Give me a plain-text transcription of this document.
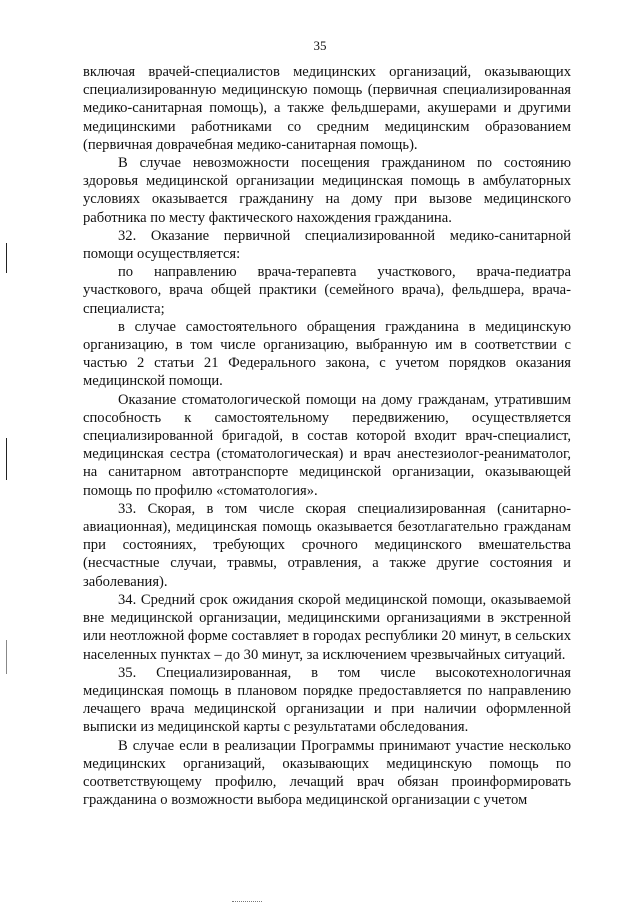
35

включая врачей-специалистов медицинских организаций, оказывающих специализированную медицинскую помощь (первичная специализированная медико-санитарная помощь), а также фельдшерами, акушерами и другими медицинскими работниками со средним медицинским образованием (первичная доврачебная медико-санитарная помощь).

В случае невозможности посещения гражданином по состоянию здоровья медицинской организации медицинская помощь в амбулаторных условиях оказывается гражданину на дому при вызове медицинского работника по месту фактического нахождения гражданина.

32. Оказание первичной специализированной медико-санитарной помощи осуществляется:

по направлению врача-терапевта участкового, врача-педиатра участкового, врача общей практики (семейного врача), фельдшера, врача-специалиста;

в случае самостоятельного обращения гражданина в медицинскую организацию, в том числе организацию, выбранную им в соответствии с частью 2 статьи 21 Федерального закона, с учетом порядков оказания медицинской помощи.

Оказание стоматологической помощи на дому гражданам, утратившим способность к самостоятельному передвижению, осуществляется специализированной бригадой, в состав которой входит врач-специалист, медицинская сестра (стоматологическая) и врач анестезиолог-реаниматолог, на санитарном автотранспорте медицинской организации, оказывающей помощь по профилю «стоматология».

33. Скорая, в том числе скорая специализированная (санитарно-авиационная), медицинская помощь оказывается безотлагательно гражданам при состояниях, требующих срочного медицинского вмешательства (несчастные случаи, травмы, отравления, а также другие состояния и заболевания).

34. Средний срок ожидания скорой медицинской помощи, оказываемой вне медицинской организации, медицинскими организациями в экстренной или неотложной форме составляет в городах республики 20 минут, в сельских населенных пунктах – до 30 минут, за исключением чрезвычайных ситуаций.

35. Специализированная, в том числе высокотехнологичная медицинская помощь в плановом порядке предоставляется по направлению лечащего врача медицинской организации и при наличии оформленной выписки из медицинской карты с результатами обследования.

В случае если в реализации Программы принимают участие несколько медицинских организаций, оказывающих медицинскую помощь по соответствующему профилю, лечащий врач обязан проинформировать гражданина о возможности выбора медицинской организации с учетом
